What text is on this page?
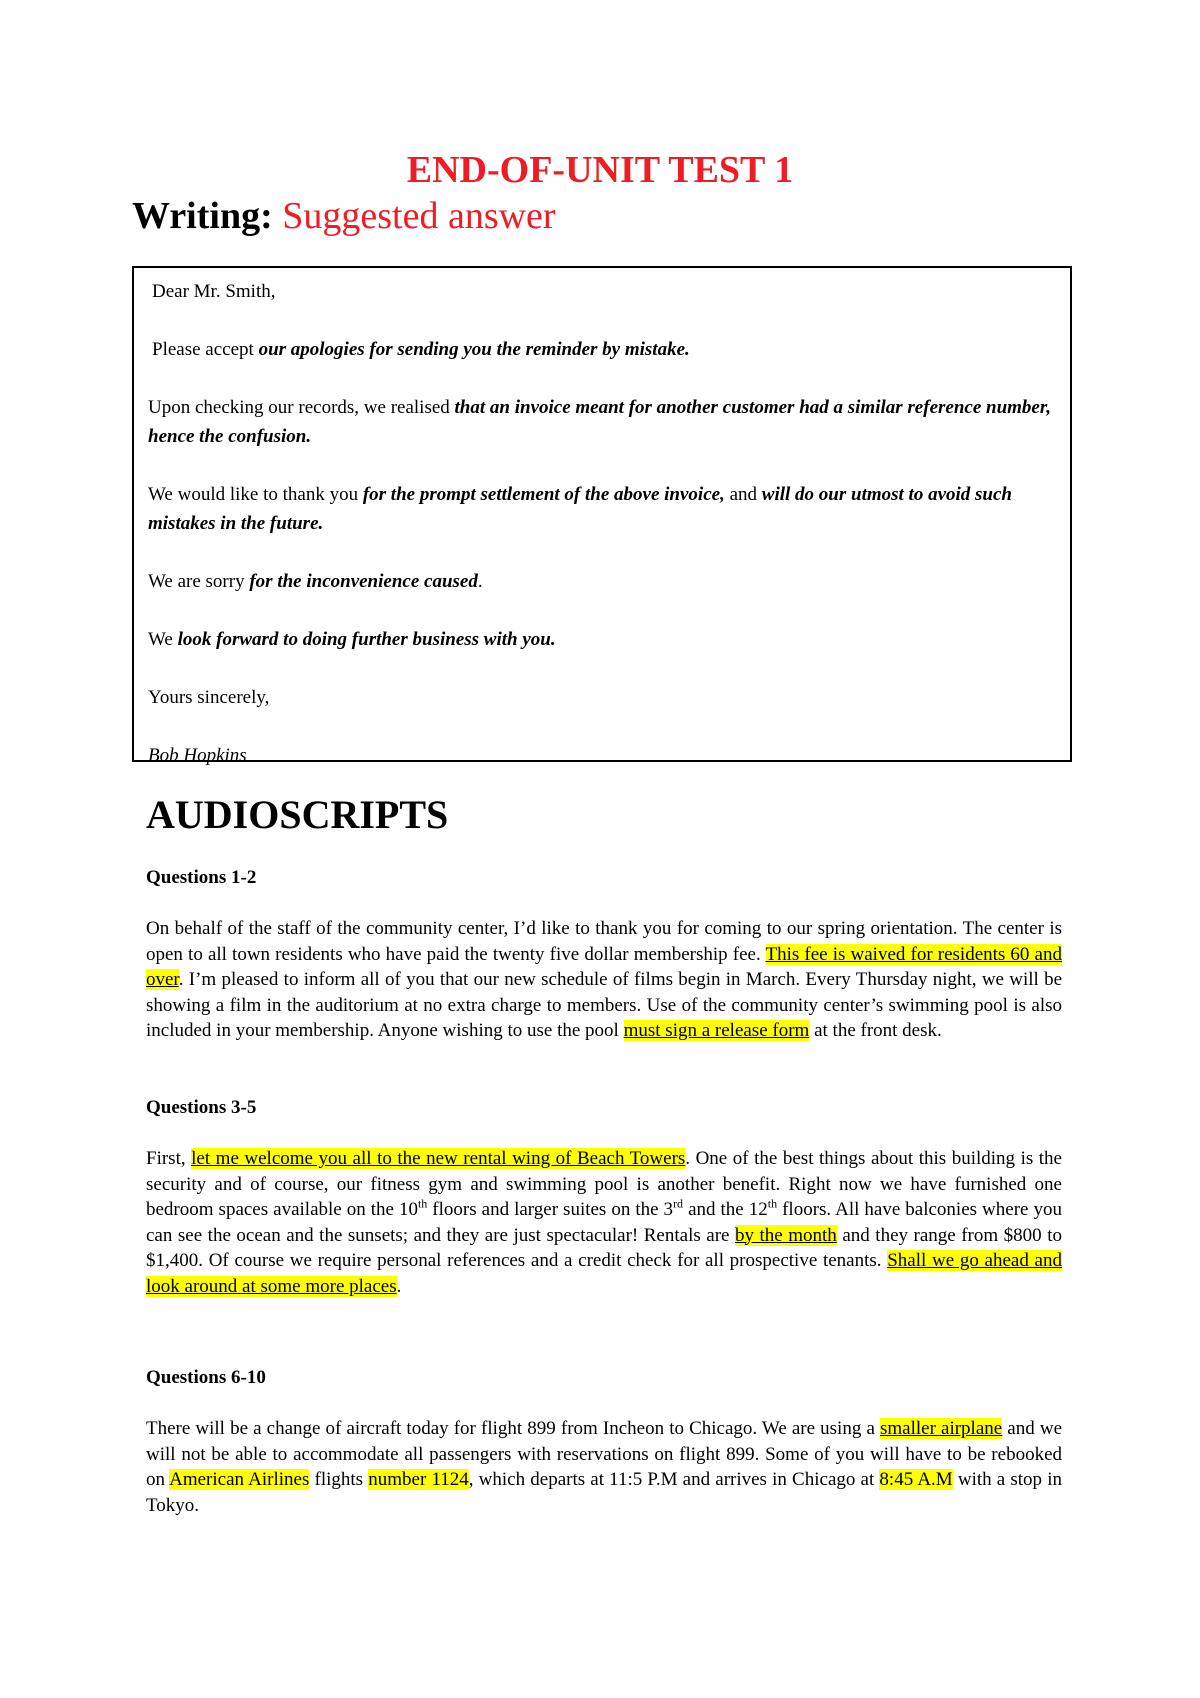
END-OF-UNIT TEST 1
Writing: Suggested answer

Dear Mr. Smith,

Please accept our apologies for sending you the reminder by mistake.

Upon checking our records, we realised that an invoice meant for another customer had a similar reference number, hence the confusion.

We would like to thank you for the prompt settlement of the above invoice, and will do our utmost to avoid such mistakes in the future.

We are sorry for the inconvenience caused.

We look forward to doing further business with you.

Yours sincerely,

Bob Hopkins

AUDIOSCRIPTS

Questions 1-2

On behalf of the staff of the community center, I’d like to thank you for coming to our spring orientation. The center is open to all town residents who have paid the twenty five dollar membership fee. This fee is waived for residents 60 and over. I’m pleased to inform all of you that our new schedule of films begin in March. Every Thursday night, we will be showing a film in the auditorium at no extra charge to members. Use of the community center’s swimming pool is also included in your membership. Anyone wishing to use the pool must sign a release form at the front desk.

Questions 3-5

First, let me welcome you all to the new rental wing of Beach Towers. One of the best things about this building is the security and of course, our fitness gym and swimming pool is another benefit. Right now we have furnished one bedroom spaces available on the 10th floors and larger suites on the 3rd and the 12th floors. All have balconies where you can see the ocean and the sunsets; and they are just spectacular! Rentals are by the month and they range from $800 to $1,400. Of course we require personal references and a credit check for all prospective tenants. Shall we go ahead and look around at some more places.

Questions 6-10

There will be a change of aircraft today for flight 899 from Incheon to Chicago. We are using a smaller airplane and we will not be able to accommodate all passengers with reservations on flight 899. Some of you will have to be rebooked on American Airlines flights number 1124, which departs at 11:5 P.M and arrives in Chicago at 8:45 A.M with a stop in Tokyo.
